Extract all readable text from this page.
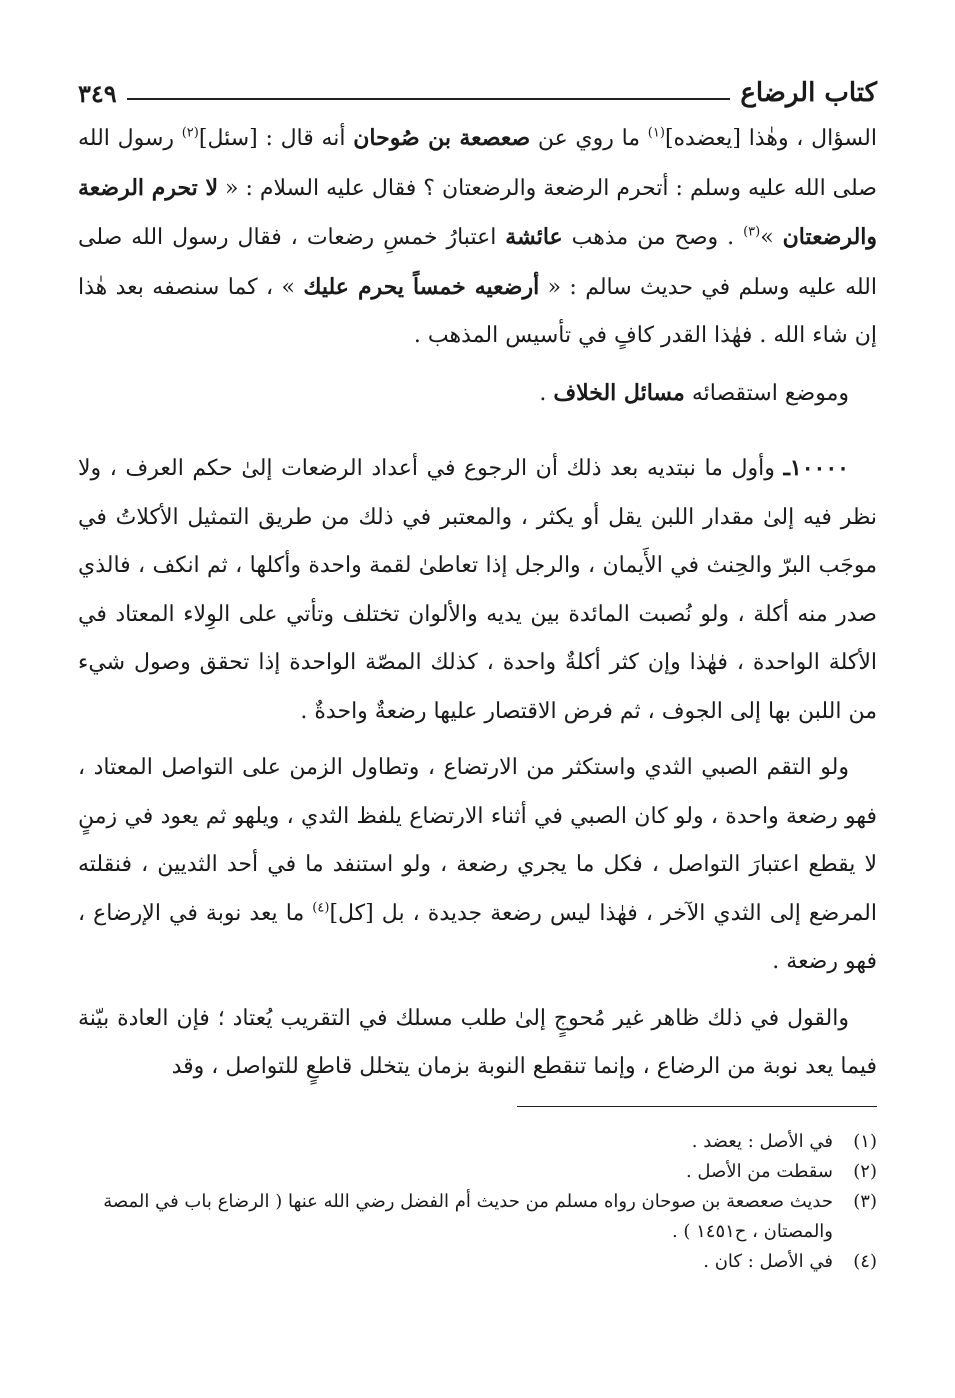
كتاب الرضاع
٣٤٩

السؤال ، وهٰذا [يعضده]$^{(١)}$ ما روي عن صعصعة بن صُوحان أنه قال : [سئل]$^{(٢)}$ رسول الله صلى الله عليه وسلم : أتحرم الرضعة والرضعتان ؟ فقال عليه السلام : « لا تحرم الرضعة والرضعتان »$^{(٣)}$ . وصح من مذهب عائشة اعتبارُ خمسِ رضعات ، فقال رسول الله صلى الله عليه وسلم في حديث سالم : « أرضعيه خمساً يحرم عليك » ، كما سنصفه بعد هٰذا إن شاء الله . فهٰذا القدر كافٍ في تأسيس المذهب .

وموضع استقصائه مسائل الخلاف .

١٠٠٠٠ـ وأول ما نبتديه بعد ذلك أن الرجوع في أعداد الرضعات إلىٰ حكم العرف ، ولا نظر فيه إلىٰ مقدار اللبن يقل أو يكثر ، والمعتبر في ذلك من طريق التمثيل الأكلاتُ في موجَب البرّ والحِنث في الأَيمان ، والرجل إذا تعاطىٰ لقمة واحدة وأكلها ، ثم انكف ، فالذي صدر منه أكلة ، ولو نُصبت المائدة بين يديه والألوان تختلف وتأتي على الوِلاء المعتاد في الأكلة الواحدة ، فهٰذا وإن كثر أكلةٌ واحدة ، كذلك المصّة الواحدة إذا تحقق وصول شيء من اللبن بها إلى الجوف ، ثم فرض الاقتصار عليها رضعةٌ واحدةٌ .

ولو التقم الصبي الثدي واستكثر من الارتضاع ، وتطاول الزمن على التواصل المعتاد ، فهو رضعة واحدة ، ولو كان الصبي في أثناء الارتضاع يلفظ الثدي ، ويلهو ثم يعود في زمنٍ لا يقطع اعتبارَ التواصل ، فكل ما يجري رضعة ، ولو استنفد ما في أحد الثديين ، فنقلته المرضع إلى الثدي الآخر ، فهٰذا ليس رضعة جديدة ، بل [كل]$^{(٤)}$ ما يعد نوبة في الإرضاع ، فهو رضعة .

والقول في ذلك ظاهر غير مُحوجٍ إلىٰ طلب مسلك في التقريب يُعتاد ؛ فإن العادة بيّنة فيما يعد نوبة من الرضاع ، وإنما تنقطع النوبة بزمان يتخلل قاطعٍ للتواصل ، وقد

(١)
في الأصل : يعضد .
(٢)
سقطت من الأصل .
(٣)
حديث صعصعة بن صوحان رواه مسلم من حديث أم الفضل رضي الله عنها ( الرضاع باب في المصة والمصتان ، ح١٤٥١ ) .
(٤)
في الأصل : كان .
